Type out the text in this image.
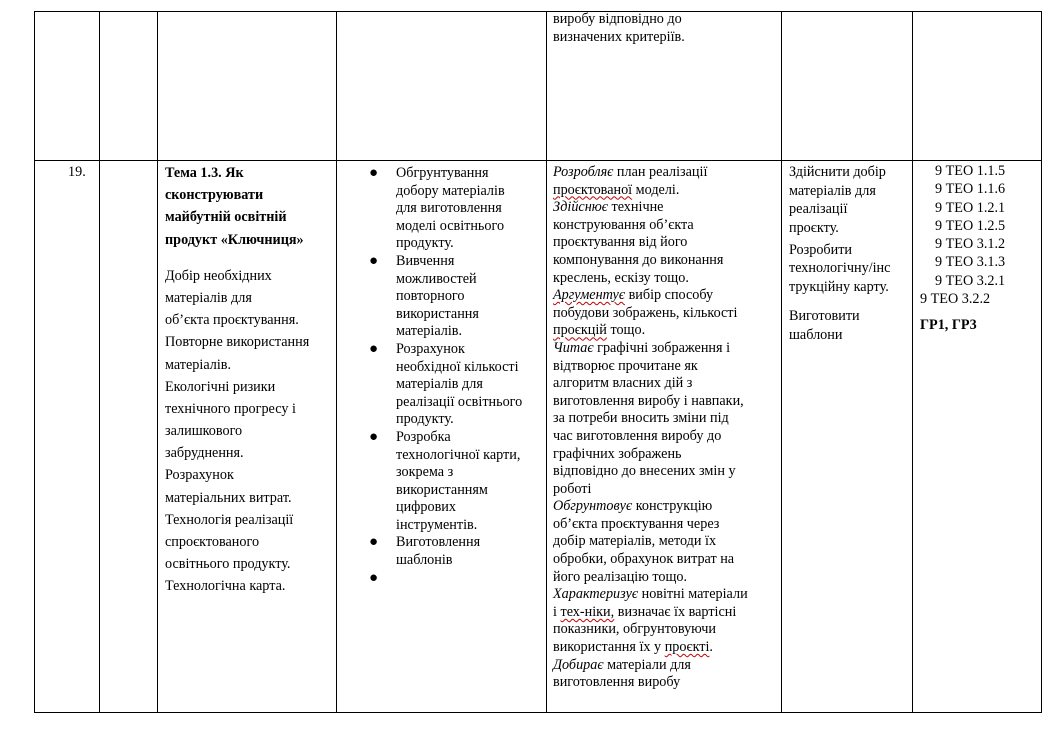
виробу відповідно до
визначених критеріїв.
19.	Тема 1.3. Як
сконструювати
майбутній освітній
продукт «Ключниця»
Добір необхідних
матеріалів для
об’єкта проєктування.
Повторне використання
матеріалів.
Екологічні ризики
технічного прогресу і
залишкового
забруднення.
Розрахунок
матеріальних витрат.
Технологія реалізації
спроєктованого
освітнього продукту.
Технологічна карта.
● Обгрунтування
добору матеріалів
для виготовлення
моделі освітнього
продукту.
● Вивчення
можливостей
повторного
використання
матеріалів.
● Розрахунок
необхідної кількості
матеріалів для
реалізації освітнього
продукту.
● Розробка
технологічної карти,
зокрема з
використанням
цифрових
інструментів.
● Виготовлення
шаблонів
●
Розробляє план реалізації
проєктованої моделі.
Здійснює технічне
конструювання об’єкта
проєктування від його
компонування до виконання
креслень, ескізу тощо.
Аргументує вибір способу
побудови зображень, кількості
проєкцій тощо.
Читає графічні зображення і
відтворює прочитане як
алгоритм власних дій з
виготовлення виробу і навпаки,
за потреби вносить зміни під
час виготовлення виробу до
графічних зображень
відповідно до внесених змін у
роботі
Обгрунтовує конструкцію
об’єкта проєктування через
добір матеріалів, методи їх
обробки, обрахунок витрат на
його реалізацію тощо.
Характеризує новітні матеріали
і тех-ніки, визначає їх вартісні
показники, обгрунтовуючи
використання їх у проєкті.
Добирає матеріали для
виготовлення виробу
Здійснити добір
матеріалів для
реалізації
проєкту.
Розробити
технологічну/інс
трукційну карту.
Виготовити
шаблони
9 ТЕО 1.1.5
9 ТЕО 1.1.6
9 ТЕО 1.2.1
9 ТЕО 1.2.5
9 ТЕО 3.1.2
9 ТЕО 3.1.3
9 ТЕО 3.2.1
9 ТЕО 3.2.2
ГР1, ГР3
